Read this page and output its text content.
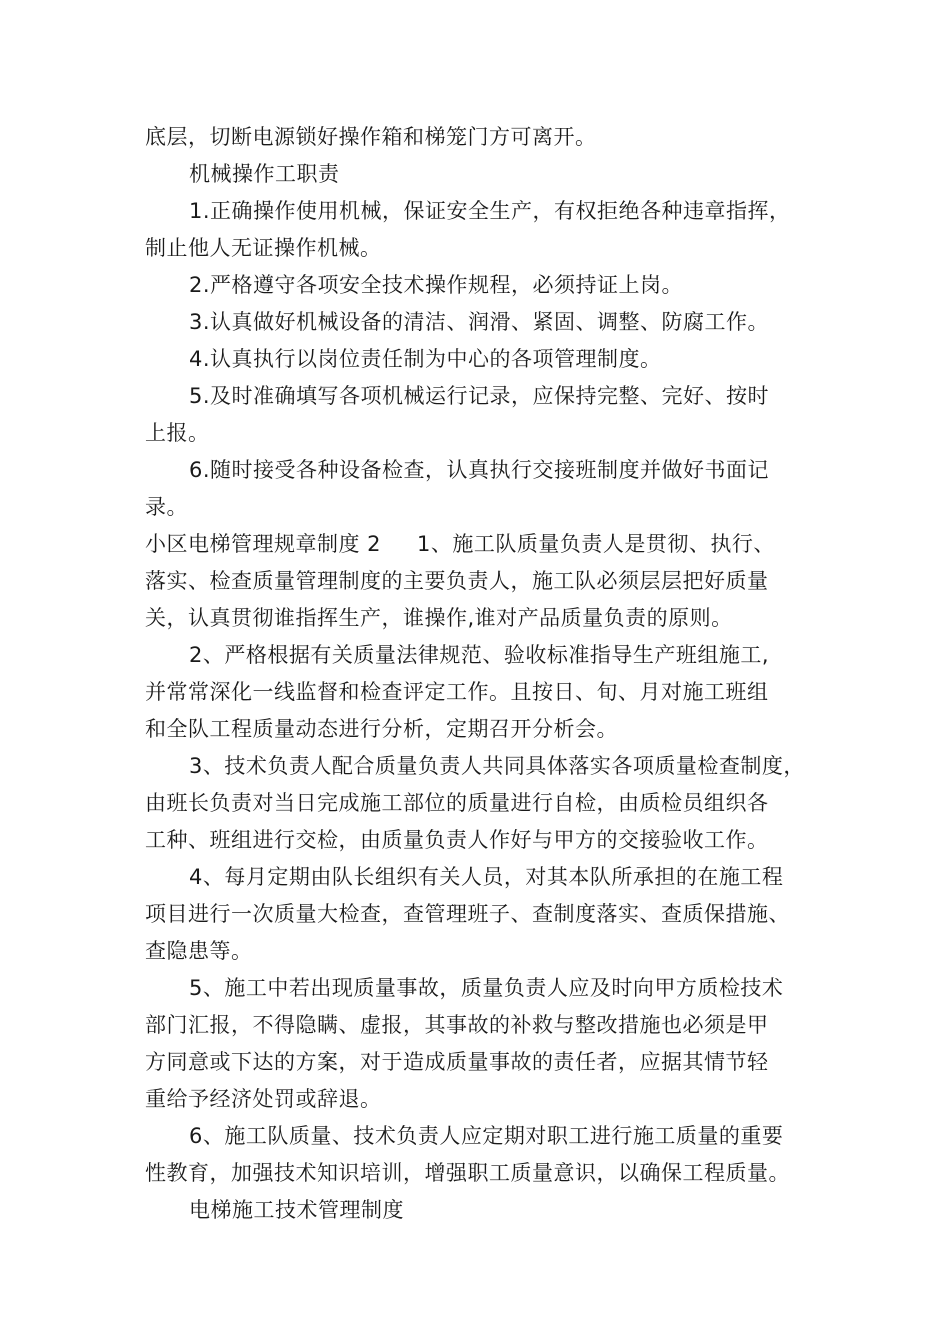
底层，切断电源锁好操作箱和梯笼门方可离开。
机械操作工职责
1.正确操作使用机械，保证安全生产，有权拒绝各种违章指挥，
制止他人无证操作机械。
2.严格遵守各项安全技术操作规程，必须持证上岗。
3.认真做好机械设备的清洁、润滑、紧固、调整、防腐工作。
4.认真执行以岗位责任制为中心的各项管理制度。
5.及时准确填写各项机械运行记录，应保持完整、完好、按时
上报。
6.随时接受各种设备检查，认真执行交接班制度并做好书面记
录。
小区电梯管理规章制度 2 1、施工队质量负责人是贯彻、执行、
落实、检查质量管理制度的主要负责人，施工队必须层层把好质量
关，认真贯彻谁指挥生产，谁操作,谁对产品质量负责的原则。
2、严格根据有关质量法律规范、验收标准指导生产班组施工,
并常常深化一线监督和检查评定工作。且按日、旬、月对施工班组
和全队工程质量动态进行分析，定期召开分析会。
3、技术负责人配合质量负责人共同具体落实各项质量检查制度，
由班长负责对当日完成施工部位的质量进行自检，由质检员组织各
工种、班组进行交检，由质量负责人作好与甲方的交接验收工作。
4、每月定期由队长组织有关人员，对其本队所承担的在施工程
项目进行一次质量大检查，查管理班子、查制度落实、查质保措施、
查隐患等。
5、施工中若出现质量事故，质量负责人应及时向甲方质检技术
部门汇报，不得隐瞒、虚报，其事故的补救与整改措施也必须是甲
方同意或下达的方案，对于造成质量事故的责任者，应据其情节轻
重给予经济处罚或辞退。
6、施工队质量、技术负责人应定期对职工进行施工质量的重要
性教育，加强技术知识培训，增强职工质量意识，以确保工程质量。
电梯施工技术管理制度
